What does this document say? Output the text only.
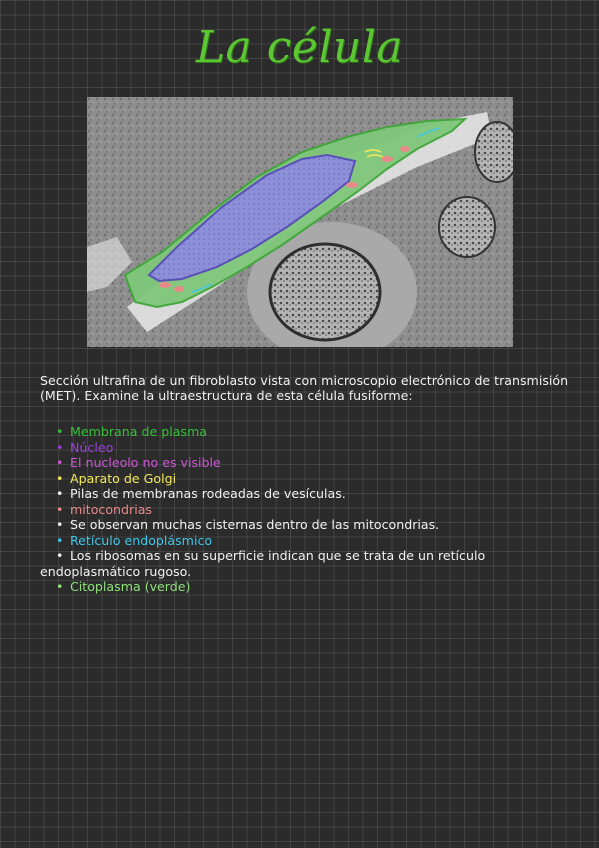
La célula

Sección ultrafina de un fibroblasto vista con microscopio electrónico de transmisión (MET). Examine la ultraestructura de esta célula fusiforme:

• Membrana de plasma
• Núcleo
• El nucleolo no es visible
• Aparato de Golgi
• Pilas de membranas rodeadas de vesículas.
• mitocondrias
• Se observan muchas cisternas dentro de las mitocondrias.
• Retículo endoplásmico
• Los ribosomas en su superficie indican que se trata de un retículo endoplasmático rugoso.
• Citoplasma (verde)
